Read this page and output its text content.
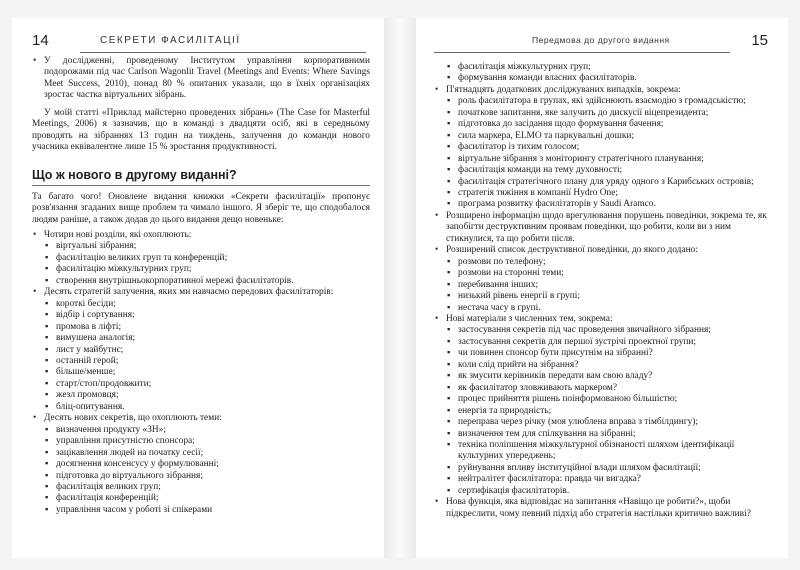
14	СЕКРЕТИ ФАСИЛІТАЦІЇ
• У дослідженні, проведеному Інститутом управління корпоративними подорожами під час Carlson Wagonlit Travel (Meetings and Events: Where Savings Meet Success, 2010), понад 80 % опитаних указали, що в їхніх організаціях зростає частка віртуальних зібрань.

У моїй статті «Приклад майстерно проведених зібрань» (The Case for Masterful Meetings, 2006) я зазначив, що в команді з двадцяти осіб, які в середньому проводять на зібраннях 13 годин на тиждень, залучення до команди нового учасника еквівалентне лише 15 % зростання продуктивності.

Що ж нового в другому виданні?

Та багато чого! Оновлене видання книжки «Секрети фасилітації» пропонує розв'язання згаданих вище проблем та чимало іншого. Я зберіг те, що сподобалося людям раніше, а також додав до цього видання дещо новеньке:

• Чотири нові розділи, які охоплюють:
▪ віртуальні зібрання;
▪ фасилітацію великих груп та конференцій;
▪ фасилітацію міжкультурних груп;
▪ створення внутрішньокорпоративної мережі фасилітаторів.
• Десять стратегій залучення, яких ми навчаємо передових фасилітаторів:
▪ короткі бесіди;
▪ відбір і сортування;
▪ промова в ліфті;
▪ вимушена аналогія;
▪ лист у майбутнє;
▪ останній герой;
▪ більше/менше;
▪ старт/стоп/продовжити;
▪ жезл промовця;
▪ бліц-опитування.
• Десять нових секретів, що охоплюють теми:
▪ визначення продукту «ЗН»;
▪ управління присутністю спонсора;
▪ зацікавлення людей на початку сесії;
▪ досягнення консенсусу у формулюванні;
▪ підготовка до віртуального зібрання;
▪ фасилітація великих груп;
▪ фасилітація конференцій;
▪ управління часом у роботі зі спікерами
Передмова до другого видання	15
▪ фасилітація міжкультурних груп;
▪ формування команди власних фасилітаторів.
• П'ятнадцять додаткових досліджуваних випадків, зокрема:
▪ роль фасилітатора в групах, які здійснюють взаємодію з громадськістю;
▪ початкове запитання, яке залучить до дискусії віцепрезидента;
▪ підготовка до засідання щодо формування бачення;
▪ сила маркера, ELMO та паркувальні дошки;
▪ фасилітатор із тихим голосом;
▪ віртуальне зібрання з моніторингу стратегічного планування;
▪ фасилітація команди на тему духовності;
▪ фасилітація стратегічного плану для уряду одного з Карибських островів;
▪ стратегія тяжіння в компанії Hydro One;
▪ програма розвитку фасилітаторів у Saudi Aramco.
• Розширено інформацію щодо врегулювання порушень поведінки, зокрема те, як запобігти деструктивним проявам поведінки, що робити, коли ви з ним стикнулися, та що робити після.
• Розширений список деструктивної поведінки, до якого додано:
▪ розмови по телефону;
▪ розмови на сторонні теми;
▪ перебивання інших;
▪ низький рівень енергії в групі;
▪ нестача часу в групі.
• Нові матеріали з численних тем, зокрема:
▪ застосування секретів під час проведення звичайного зібрання;
▪ застосування секретів для першої зустрічі проектної групи;
▪ чи повинен спонсор бути присутнім на зібранні?
▪ коли слід прийти на зібрання?
▪ як змусити керівників передати вам свою владу?
▪ як фасилітатор зловживають маркером?
▪ процес прийняття рішень поінформованою більшістю;
▪ енергія та природність;
▪ переправа через річку (моя улюблена вправа з тімбілдингу);
▪ визначення тем для спілкування на зібранні;
▪ техніка поліпшення міжкультурної обізнаності шляхом ідентифікації культурних упереджень;
▪ руйнування впливу інституційної влади шляхом фасилітації;
▪ нейтралітет фасилітатора: правда чи вигадка?
▪ сертифікація фасилітаторів.
• Нова функція, яка відповідає на запитання «Навіщо це робити?», щоби підкреслити, чому певний підхід або стратегія настільки критично важливі?
